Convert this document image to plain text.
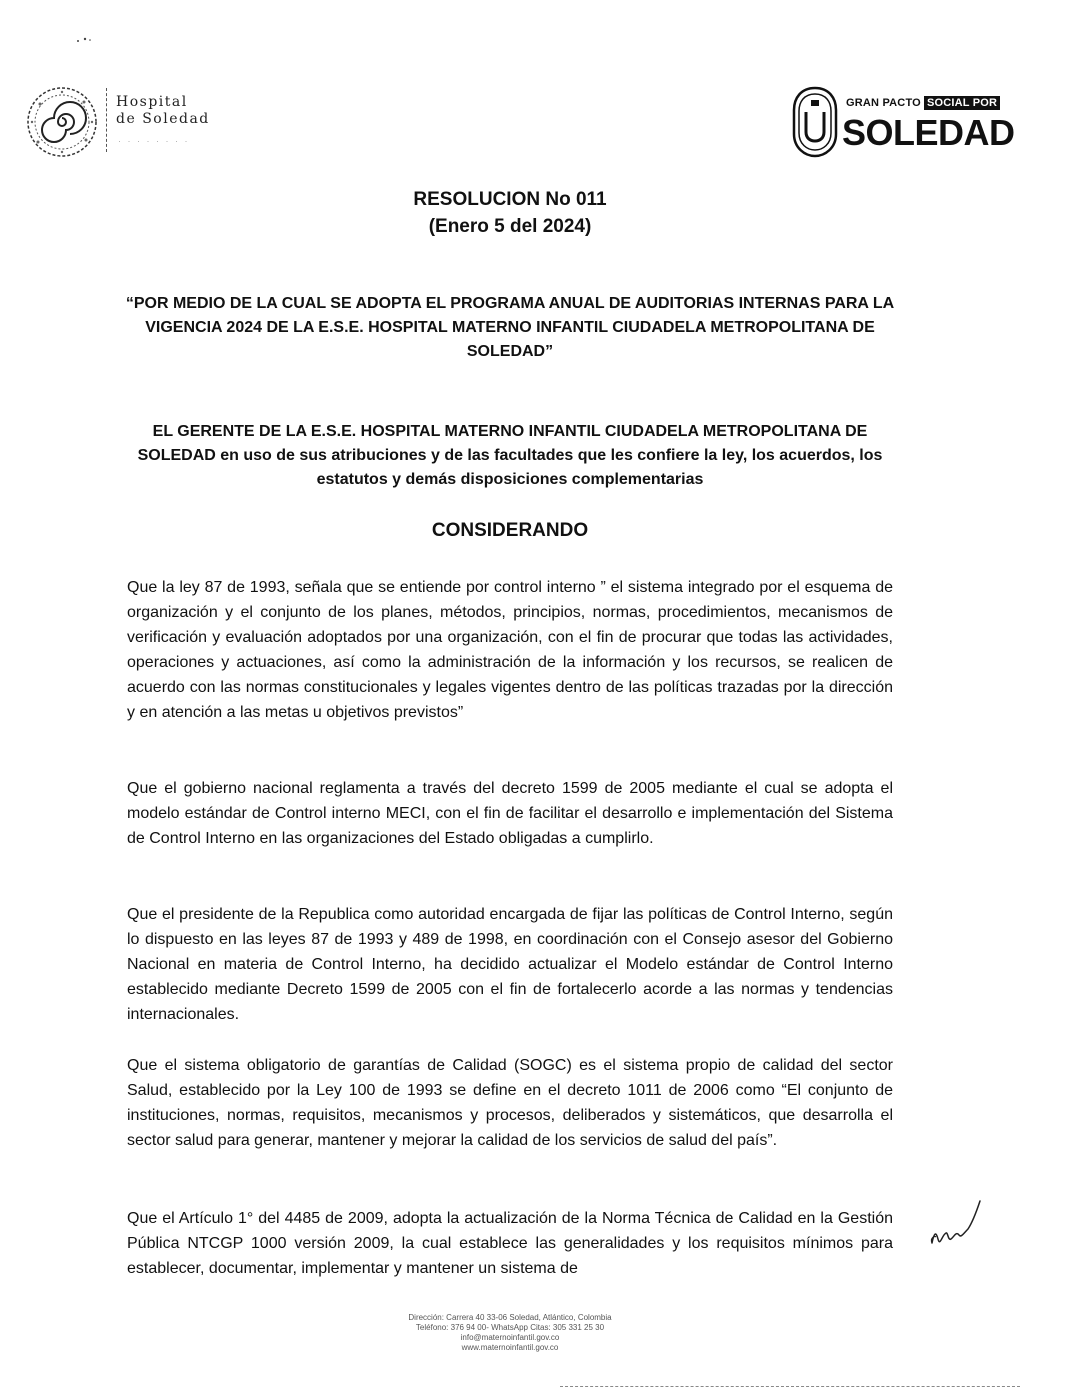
Hospital
de Soledad
· · · · · · · ·
GRAN PACTO SOCIAL POR
SOLEDAD
RESOLUCION No 011
(Enero 5 del 2024)
“POR MEDIO DE LA CUAL SE ADOPTA EL PROGRAMA ANUAL DE AUDITORIAS INTERNAS PARA LA VIGENCIA 2024 DE LA E.S.E. HOSPITAL MATERNO INFANTIL CIUDADELA METROPOLITANA DE SOLEDAD”
EL GERENTE DE LA E.S.E. HOSPITAL MATERNO INFANTIL CIUDADELA METROPOLITANA DE SOLEDAD en uso de sus atribuciones y de las facultades que les confiere la ley, los acuerdos, los estatutos y demás disposiciones complementarias
CONSIDERANDO

Que la ley 87 de 1993, señala que se entiende por control interno ” el sistema integrado por el esquema de organización y el conjunto de los planes, métodos, principios, normas, procedimientos, mecanismos de verificación y evaluación adoptados por una organización, con el fin de procurar que todas las actividades, operaciones y actuaciones, así como la administración de la información y los recursos, se realicen de acuerdo con las normas constitucionales y legales vigentes dentro de las políticas trazadas por la dirección y en atención a las metas u objetivos previstos”

Que el gobierno nacional reglamenta a través del decreto 1599 de 2005 mediante el cual se adopta el modelo estándar de Control interno MECI, con el fin de facilitar el desarrollo e implementación del Sistema de Control Interno en las organizaciones del Estado obligadas a cumplirlo.

Que el presidente de la Republica como autoridad encargada de fijar las políticas de Control Interno, según lo dispuesto en las leyes 87 de 1993 y 489 de 1998, en coordinación con el Consejo asesor del Gobierno Nacional en materia de Control Interno, ha decidido actualizar el Modelo estándar de Control Interno establecido mediante Decreto 1599 de 2005 con el fin de fortalecerlo acorde a las normas y tendencias internacionales.

Que el sistema obligatorio de garantías de Calidad (SOGC) es el sistema propio de calidad del sector Salud, establecido por la Ley 100 de 1993 se define en el decreto 1011 de 2006 como “El conjunto de instituciones, normas, requisitos, mecanismos y procesos, deliberados y sistemáticos, que desarrolla el sector salud para generar, mantener y mejorar la calidad de los servicios de salud del país”.

Que el Artículo 1° del 4485 de 2009, adopta la actualización de la Norma Técnica de Calidad en la Gestión Pública NTCGP 1000 versión 2009, la cual establece las generalidades y los requisitos mínimos para establecer, documentar, implementar y mantener un sistema de

Dirección: Carrera 40 33-06 Soledad, Atlántico, Colombia
Teléfono: 376 94 00- WhatsApp Citas: 305 331 25 30
info@maternoinfantil.gov.co
www.maternoinfantil.gov.co
